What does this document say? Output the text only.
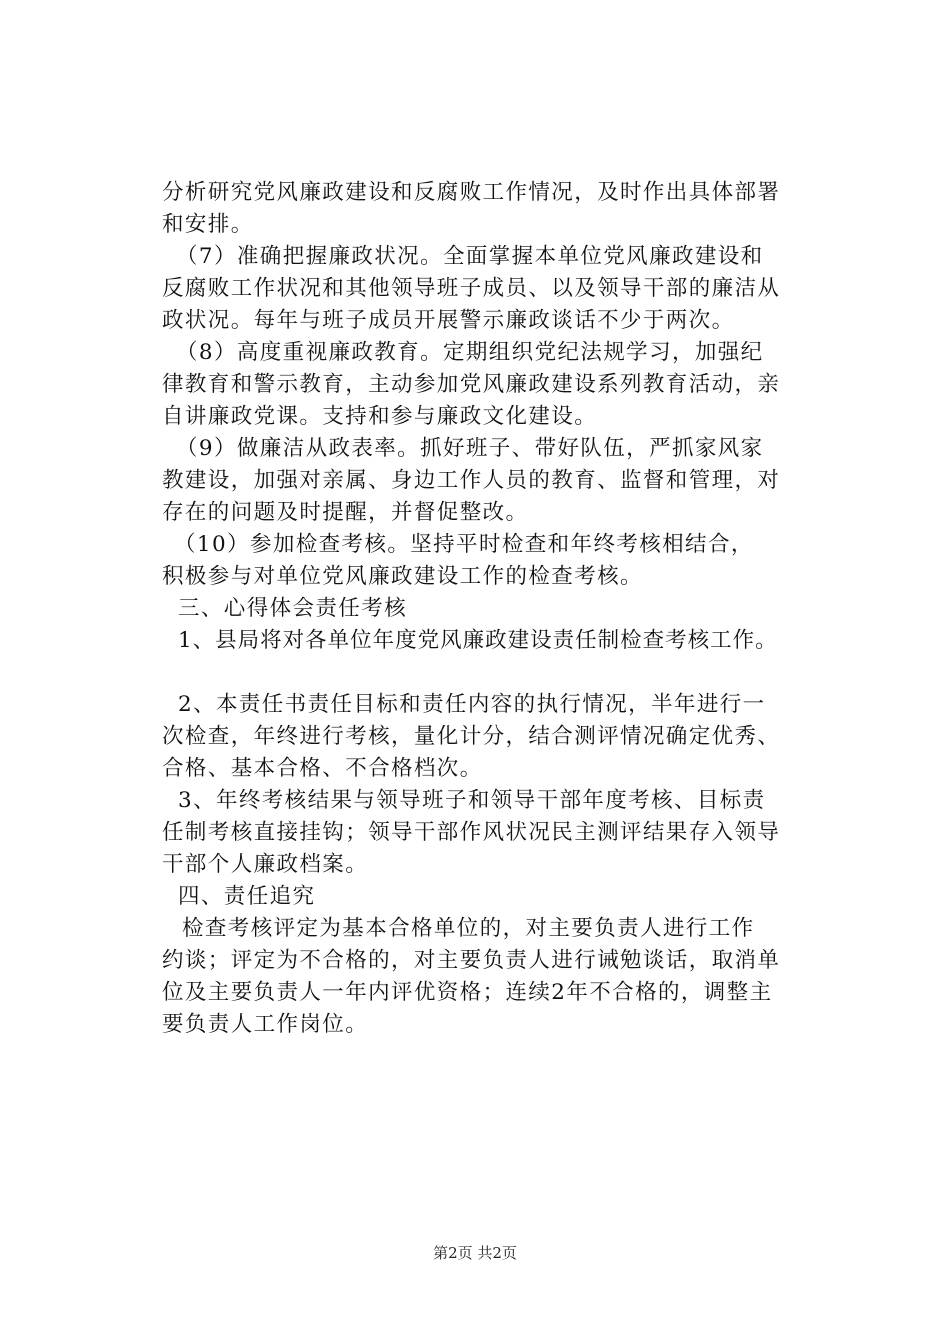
分析研究党风廉政建设和反腐败工作情况，及时作出具体部署
和安排。
（7）准确把握廉政状况。全面掌握本单位党风廉政建设和
反腐败工作状况和其他领导班子成员、以及领导干部的廉洁从
政状况。每年与班子成员开展警示廉政谈话不少于两次。
（8）高度重视廉政教育。定期组织党纪法规学习，加强纪
律教育和警示教育，主动参加党风廉政建设系列教育活动，亲
自讲廉政党课。支持和参与廉政文化建设。
（9）做廉洁从政表率。抓好班子、带好队伍，严抓家风家
教建设，加强对亲属、身边工作人员的教育、监督和管理，对
存在的问题及时提醒，并督促整改。
（10）参加检查考核。坚持平时检查和年终考核相结合，
积极参与对单位党风廉政建设工作的检查考核。
三、心得体会责任考核
1、县局将对各单位年度党风廉政建设责任制检查考核工作。
2、本责任书责任目标和责任内容的执行情况，半年进行一
次检查，年终进行考核，量化计分，结合测评情况确定优秀、
合格、基本合格、不合格档次。
3、年终考核结果与领导班子和领导干部年度考核、目标责
任制考核直接挂钩；领导干部作风状况民主测评结果存入领导
干部个人廉政档案。
四、责任追究
检查考核评定为基本合格单位的，对主要负责人进行工作
约谈；评定为不合格的，对主要负责人进行诫勉谈话，取消单
位及主要负责人一年内评优资格；连续2年不合格的，调整主
要负责人工作岗位。
第2页 共2页
